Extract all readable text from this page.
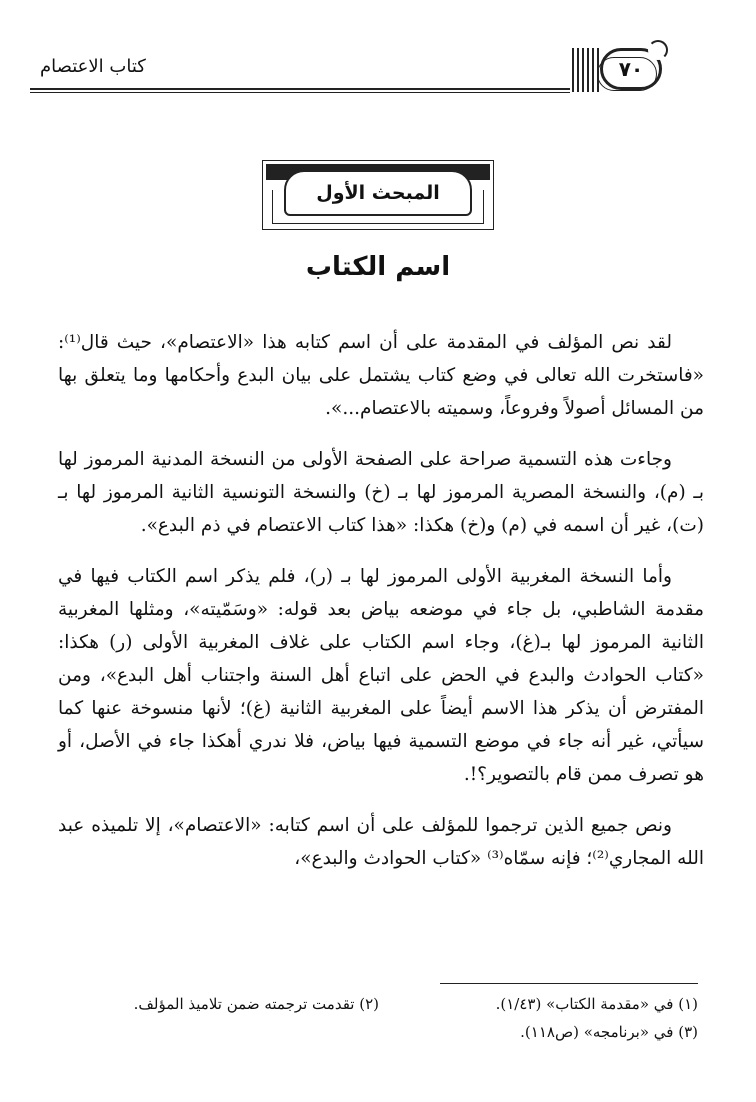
كتاب الاعتصام	٧٠
المبحث الأول
اسم الكتاب

لقد نص المؤلف في المقدمة على أن اسم كتابه هذا «الاعتصام»، حيث قال⁽¹⁾: «فاستخرت الله تعالى في وضع كتاب يشتمل على بيان البدع وأحكامها وما يتعلق بها من المسائل أصولاً وفروعاً، وسميته بالاعتصام...».

وجاءت هذه التسمية صراحة على الصفحة الأولى من النسخة المدنية المرموز لها بـ (م)، والنسخة المصرية المرموز لها بـ (خ) والنسخة التونسية الثانية المرموز لها بـ (ت)، غير أن اسمه في (م) و(خ) هكذا: «هذا كتاب الاعتصام في ذم البدع».

وأما النسخة المغربية الأولى المرموز لها بـ (ر)، فلم يذكر اسم الكتاب فيها في مقدمة الشاطبي، بل جاء في موضعه بياض بعد قوله: «وسَمّيته»، ومثلها المغربية الثانية المرموز لها بـ(غ)، وجاء اسم الكتاب على غلاف المغربية الأولى (ر) هكذا: «كتاب الحوادث والبدع في الحض على اتباع أهل السنة واجتناب أهل البدع»، ومن المفترض أن يذكر هذا الاسم أيضاً على المغربية الثانية (غ)؛ لأنها منسوخة عنها كما سيأتي، غير أنه جاء في موضع التسمية فيها بياض، فلا ندري أهكذا جاء في الأصل، أو هو تصرف ممن قام بالتصوير؟!.

ونص جميع الذين ترجموا للمؤلف على أن اسم كتابه: «الاعتصام»، إلا تلميذه عبد الله المجاري⁽²⁾؛ فإنه سمّاه⁽³⁾ «كتاب الحوادث والبدع»،

(١) في «مقدمة الكتاب» (١/٤٣).
(٢) تقدمت ترجمته ضمن تلاميذ المؤلف.
(٣) في «برنامجه» (ص١١٨).
